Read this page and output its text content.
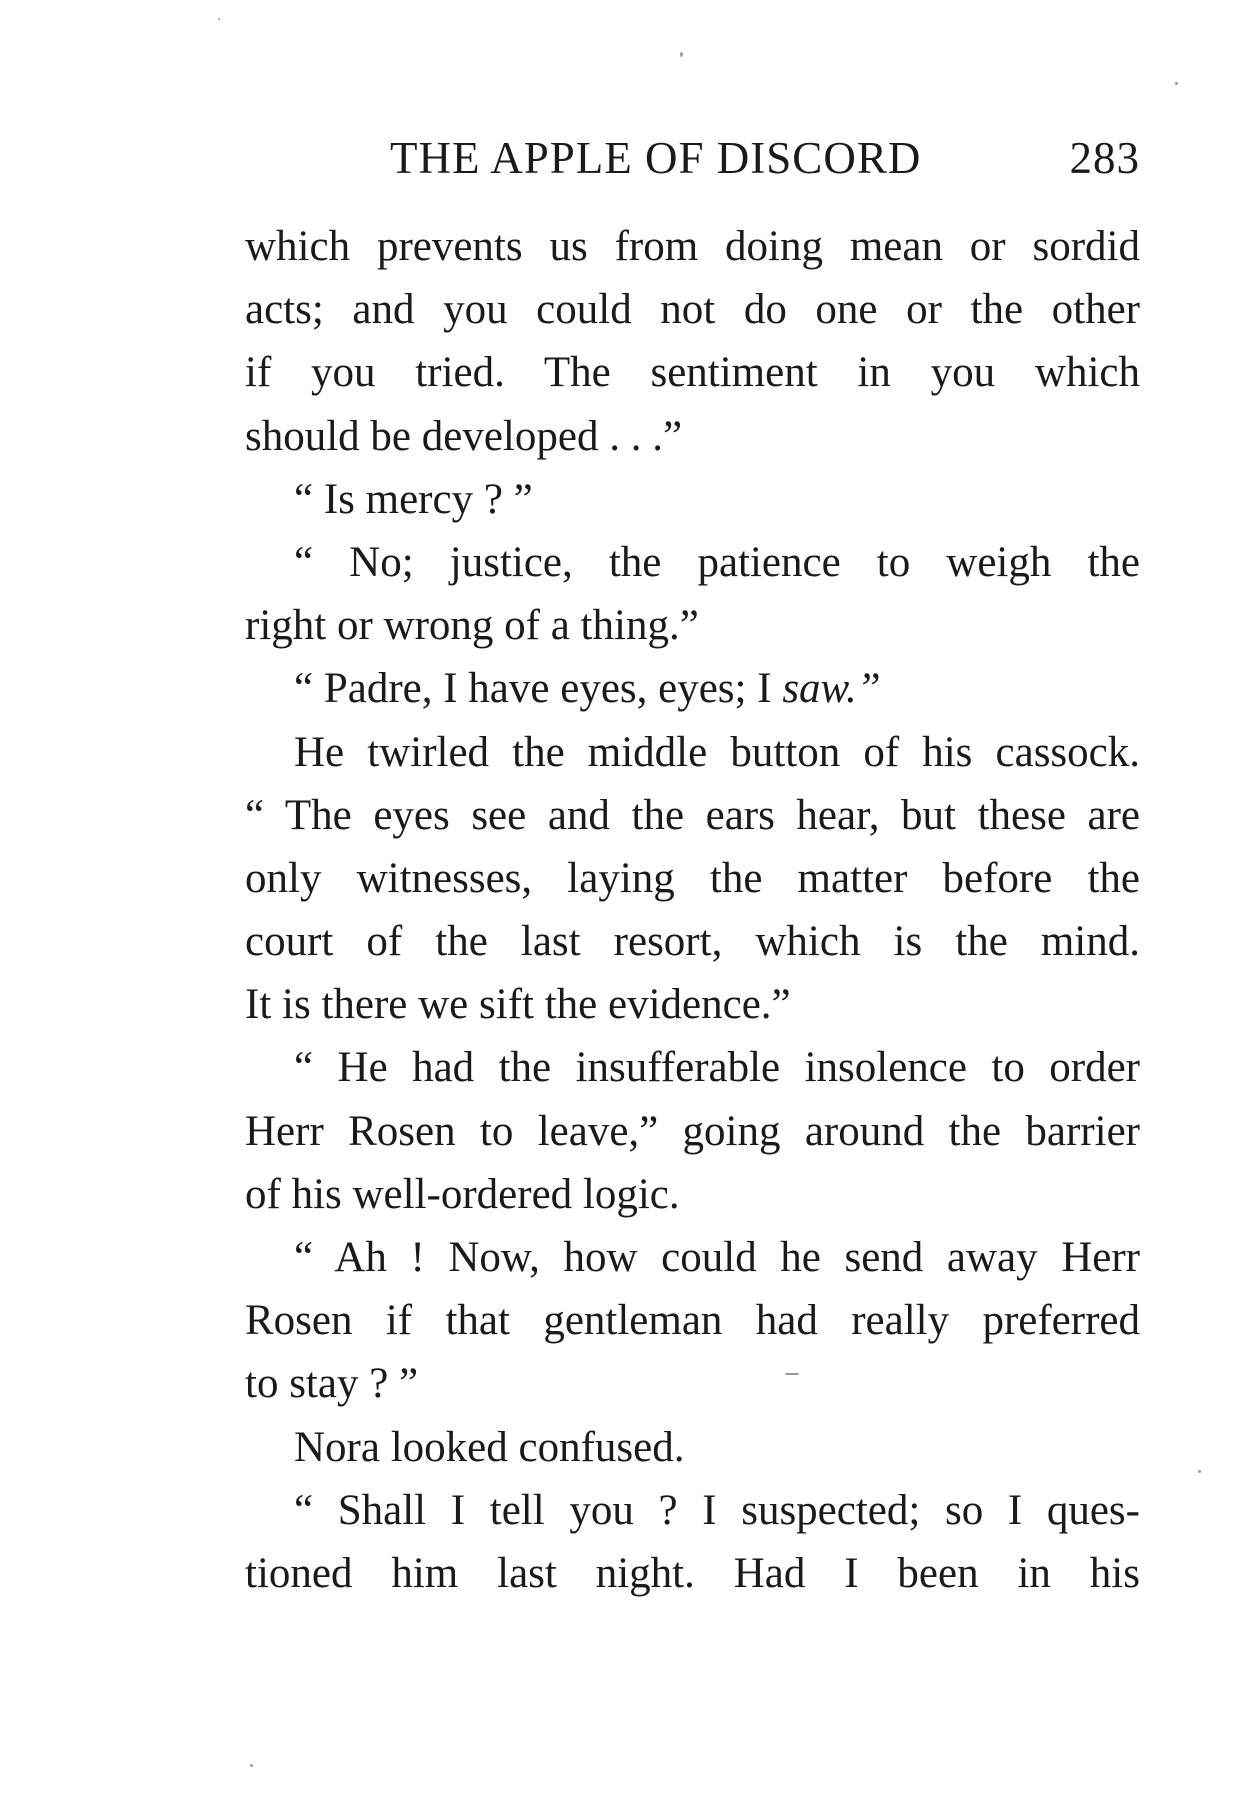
THE APPLE OF DISCORD	283
which prevents us from doing mean or sordid
acts; and you could not do one or the other
if you tried. The sentiment in you which
should be developed . . .”
“ Is mercy ? ”
“ No; justice, the patience to weigh the
right or wrong of a thing.”
“ Padre, I have eyes, eyes; I saw.”
He twirled the middle button of his cassock.
“ The eyes see and the ears hear, but these are
only witnesses, laying the matter before the
court of the last resort, which is the mind.
It is there we sift the evidence.”
“ He had the insufferable insolence to order
Herr Rosen to leave,” going around the barrier
of his well-ordered logic.
“ Ah ! Now, how could he send away Herr
Rosen if that gentleman had really preferred
to stay ? ”
Nora looked confused.
“ Shall I tell you ? I suspected; so I ques-
tioned him last night. Had I been in his
